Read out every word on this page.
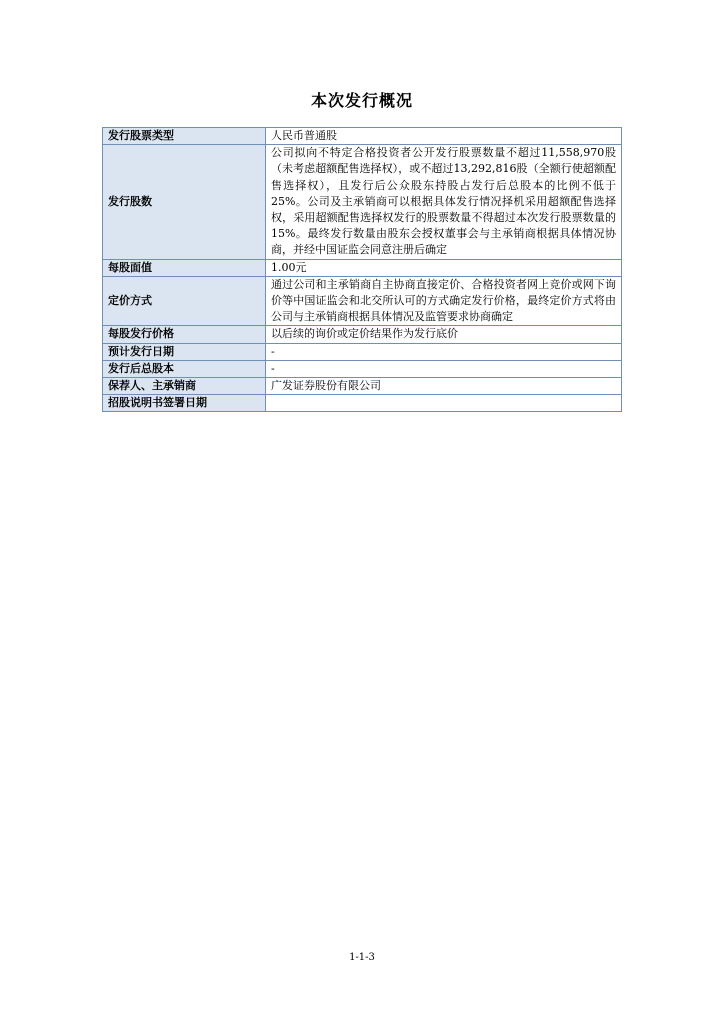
本次发行概况
发行股票类型	人民币普通股
发行股数	公司拟向不特定合格投资者公开发行股票数量不超过11,558,970股（未考虑超额配售选择权），或不超过13,292,816股（全额行使超额配售选择权），且发行后公众股东持股占发行后总股本的比例不低于25%。公司及主承销商可以根据具体发行情况择机采用超额配售选择权，采用超额配售选择权发行的股票数量不得超过本次发行股票数量的15%。最终发行数量由股东会授权董事会与主承销商根据具体情况协商，并经中国证监会同意注册后确定
每股面值	1.00元
定价方式	通过公司和主承销商自主协商直接定价、合格投资者网上竞价或网下询价等中国证监会和北交所认可的方式确定发行价格，最终定价方式将由公司与主承销商根据具体情况及监管要求协商确定
每股发行价格	以后续的询价或定价结果作为发行底价
预计发行日期	-
发行后总股本	-
保荐人、主承销商	广发证券股份有限公司
招股说明书签署日期	
1-1-3
